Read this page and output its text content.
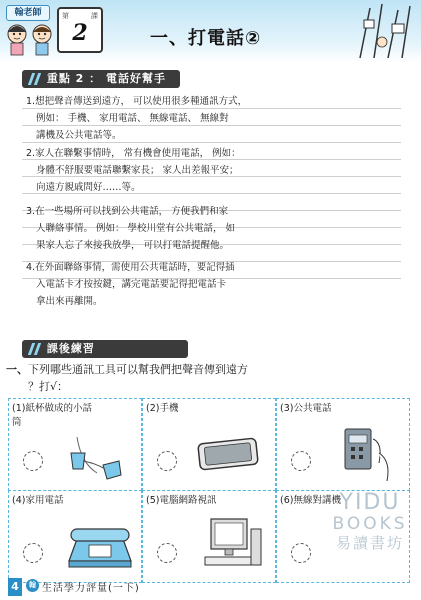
翰老師	第	課
2	一、打電話②
重點 2 ： 電話好幫手
1.想把聲音傳送到遠方， 可以使用很多種通訊方式，
例如： 手機、 家用電話、 無線電話、 無線對
講機及公共電話等。
2.家人在聯繫事情時， 常有機會使用電話， 例如：
身體不舒服要電話聯繫家長； 家人出差報平安；
向遠方親戚問好……等。
3.在一些場所可以找到公共電話， 方便我們和家
人聯絡事情。 例如： 學校川堂有公共電話， 如
果家人忘了來接我放學， 可以打電話提醒他。
4.在外面聯絡事情，需使用公共電話時，要記得插
入電話卡才按按鍵，講完電話要記得把電話卡
拿出來再離開。
課後練習
一、下列哪些通訊工具可以幫我們把聲音傳到遠方
？打√：
(1)紙杯做成的小話筒
(2)手機	(3)公共電話
(4)家用電話	(5)電腦網路視訊	(6)無線對講機
YIDU
BOOKS
易讀書坊
4	翰 生活學力評量(一下)
